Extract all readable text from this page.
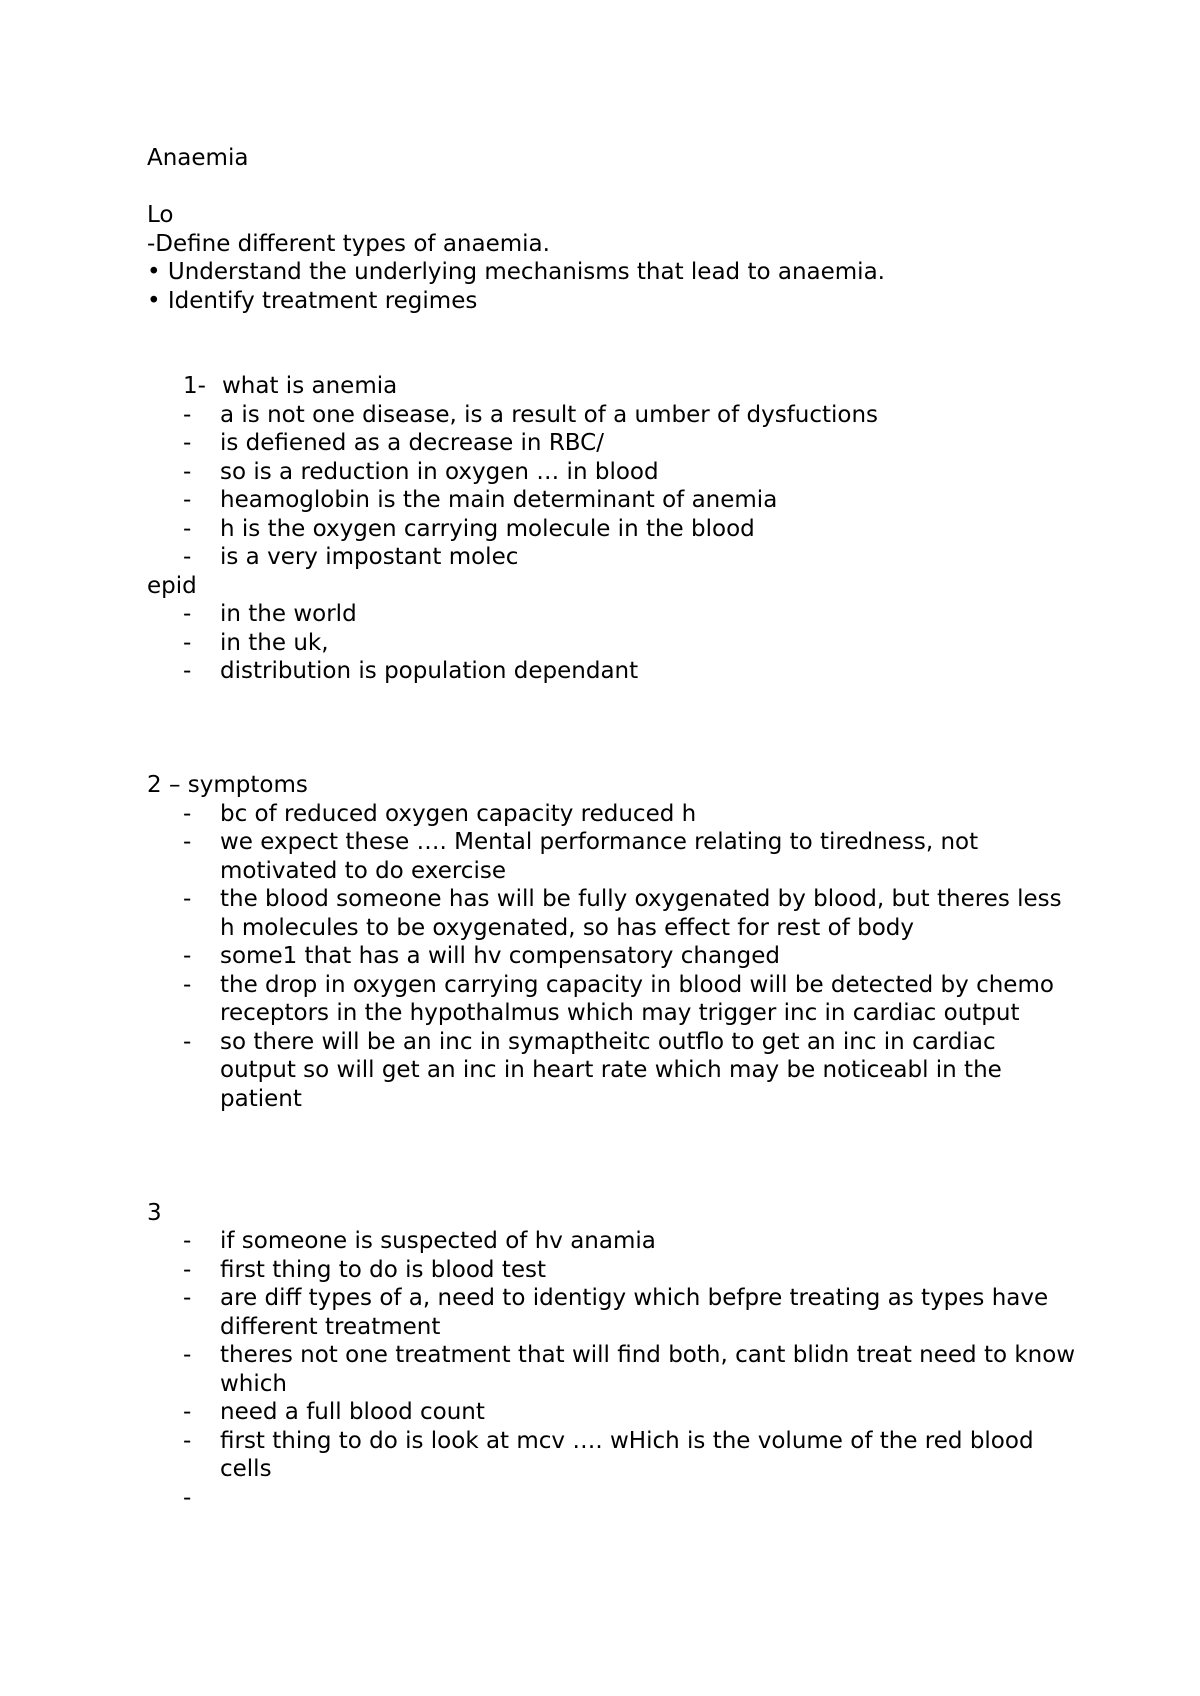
Anaemia
Lo
-Define different types of anaemia.
• Understand the underlying mechanisms that lead to anaemia.
• Identify treatment regimes
1- what is anemia
- a is not one disease, is a result of a umber of dysfuctions
- is defiened as a decrease in RBC/
- so is a reduction in oxygen … in blood
- heamoglobin is the main determinant of anemia
- h is the oxygen carrying molecule in the blood
- is a very impostant molec
epid
- in the world
- in the uk,
- distribution is population dependant
2 – symptoms
- bc of reduced oxygen capacity reduced h
- we expect these …. Mental performance relating to tiredness, not motivated to do exercise
- the blood someone has will be fully oxygenated by blood, but theres less h molecules to be oxygenated, so has effect for rest of body
- some1 that has a will hv compensatory changed
- the drop in oxygen carrying capacity in blood will be detected by chemo receptors in the hypothalmus which may trigger inc in cardiac output
- so there will be an inc in symaptheitc outflo to get an inc in cardiac output so will get an inc in heart rate which may be noticeabl in the patient
3
- if someone is suspected of hv anamia
- first thing to do is blood test
- are diff types of a, need to identigy which befpre treating as types have different treatment
- theres not one treatment that will find both, cant blidn treat need to know which
- need a full blood count
- first thing to do is look at mcv …. wHich is the volume of the red blood cells
-
